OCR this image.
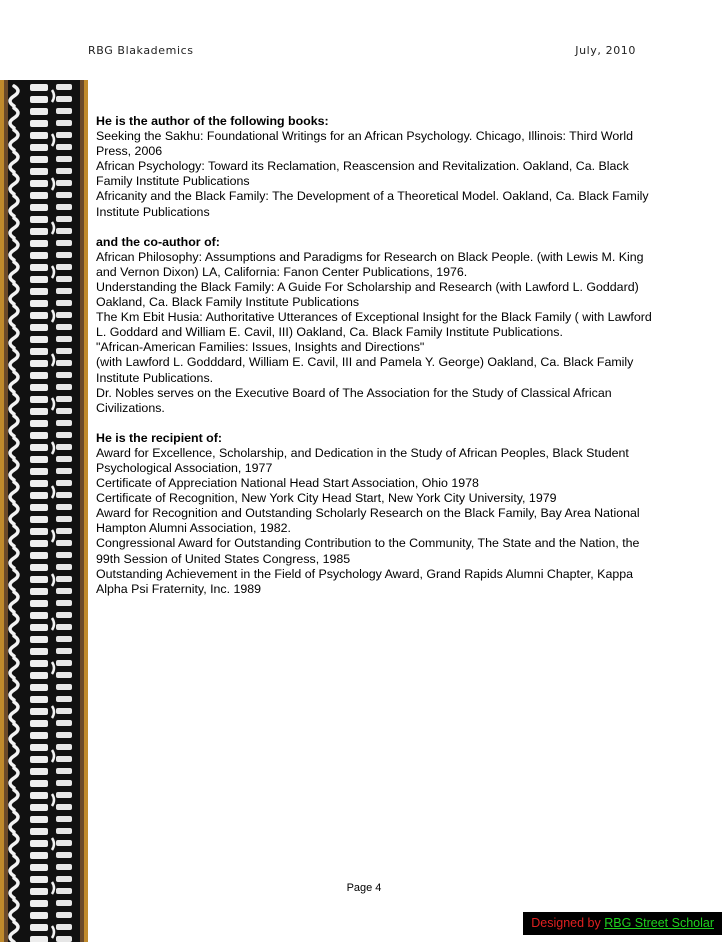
RBG Blakademics	July, 2010

He is the author of the following books:

Seeking the Sakhu: Foundational Writings for an African Psychology. Chicago, Illinois: Third World Press, 2006

African Psychology: Toward its Reclamation, Reascension and Revitalization. Oakland, Ca. Black Family Institute Publications

Africanity and the Black Family: The Development of a Theoretical Model. Oakland, Ca. Black Family Institute Publications

and the co-author of:

African Philosophy: Assumptions and Paradigms for Research on Black People. (with Lewis M. King and Vernon Dixon) LA, California: Fanon Center Publications, 1976.

Understanding the Black Family: A Guide For Scholarship and Research (with Lawford L. Goddard) Oakland, Ca. Black Family Institute Publications

The Km Ebit Husia: Authoritative Utterances of Exceptional Insight for the Black Family ( with Lawford L. Goddard and William E. Cavil, III) Oakland, Ca. Black Family Institute Publications.

"African-American Families: Issues, Insights and Directions"

(with Lawford L. Godddard, William E. Cavil, III and Pamela Y. George) Oakland, Ca. Black Family Institute Publications.

Dr. Nobles serves on the Executive Board of The Association for the Study of Classical African Civilizations.

He is the recipient of:

Award for Excellence, Scholarship, and Dedication in the Study of African Peoples, Black Student Psychological Association, 1977

Certificate of Appreciation National Head Start Association, Ohio 1978

Certificate of Recognition, New York City Head Start, New York City University, 1979

Award for Recognition and Outstanding Scholarly Research on the Black Family, Bay Area National Hampton Alumni Association, 1982.

Congressional Award for Outstanding Contribution to the Community, The State and the Nation, the 99th Session of United States Congress, 1985

Outstanding Achievement in the Field of Psychology Award, Grand Rapids Alumni Chapter, Kappa Alpha Psi Fraternity, Inc. 1989

Page 4
Designed by RBG Street Scholar
